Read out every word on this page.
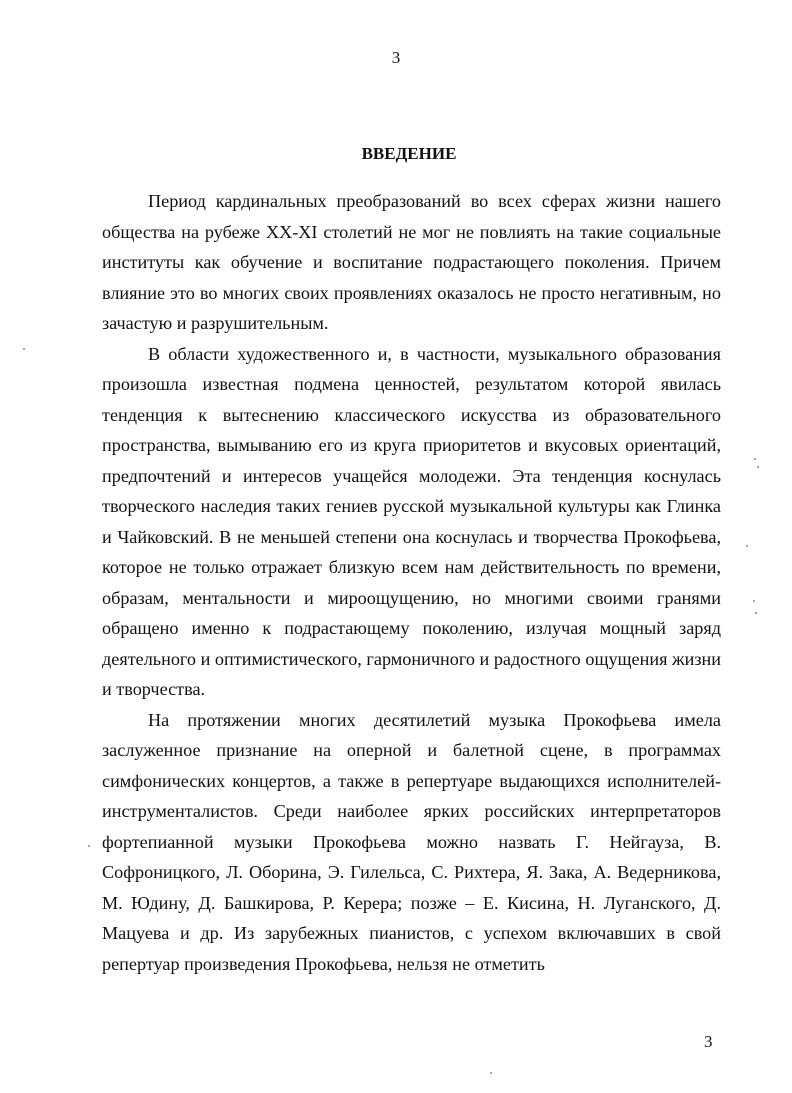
3
ВВЕДЕНИЕ

Период кардинальных преобразований во всех сферах жизни нашего общества на рубеже XX-XI столетий не мог не повлиять на такие социальные институты как обучение и воспитание подрастающего поколения. Причем влияние это во многих своих проявлениях оказалось не просто негативным, но зачастую и разрушительным.

В области художественного и, в частности, музыкального образования произошла известная подмена ценностей, результатом которой явилась тенденция к вытеснению классического искусства из образовательного пространства, вымыванию его из круга приоритетов и вкусовых ориентаций, предпочтений и интересов учащейся молодежи. Эта тенденция коснулась творческого наследия таких гениев русской музыкальной культуры как Глинка и Чайковский. В не меньшей степени она коснулась и творчества Прокофьева, которое не только отражает близкую всем нам действительность по времени, образам, ментальности и мироощущению, но многими своими гранями обращено именно к подрастающему поколению, излучая мощный заряд деятельного и оптимистического, гармоничного и радостного ощущения жизни и творчества.

На протяжении многих десятилетий музыка Прокофьева имела заслуженное признание на оперной и балетной сцене, в программах симфонических концертов, а также в репертуаре выдающихся исполнителей-инструменталистов. Среди наиболее ярких российских интерпретаторов фортепианной музыки Прокофьева можно назвать Г. Нейгауза, В. Софроницкого, Л. Оборина, Э. Гилельса, С. Рихтера, Я. Зака, А. Ведерникова, М. Юдину, Д. Башкирова, Р. Керера; позже – Е. Кисина, Н. Луганского, Д. Мацуева и др. Из зарубежных пианистов, с успехом включавших в свой репертуар произведения Прокофьева, нельзя не отметить

3
